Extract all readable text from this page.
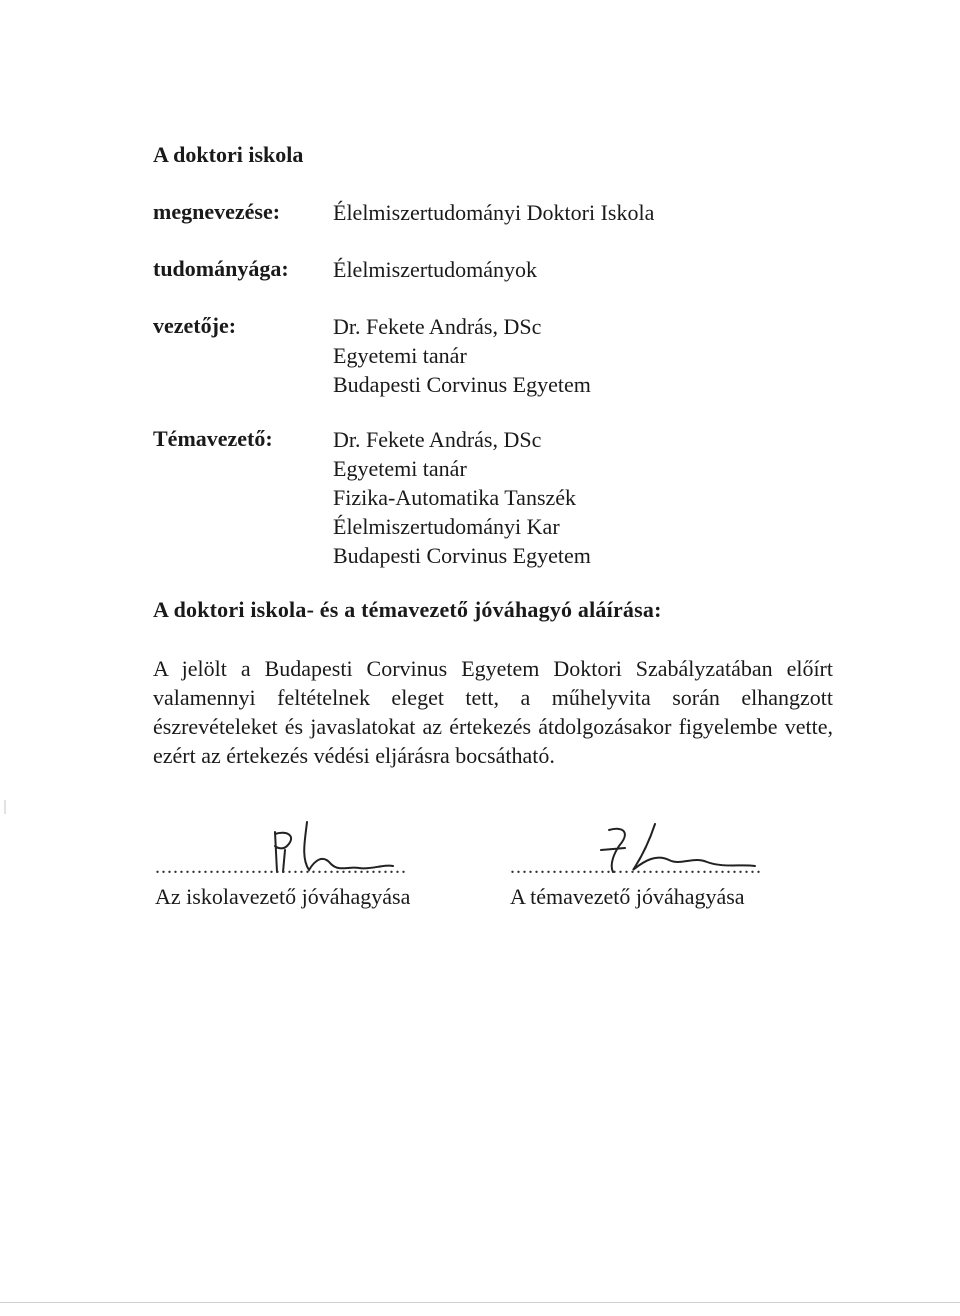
A doktori iskola
megnevezése: Élelmiszertudományi Doktori Iskola
tudományága: Élelmiszertudományok
vezetője:	Dr. Fekete András, DSc
Egyetemi tanár
Budapesti Corvinus Egyetem
Témavezető:	Dr. Fekete András, DSc
Egyetemi tanár
Fizika-Automatika Tanszék
Élelmiszertudományi Kar
Budapesti Corvinus Egyetem
A doktori iskola- és a témavezető jóváhagyó aláírása:
A jelölt a Budapesti Corvinus Egyetem Doktori Szabályzatában előírt valamennyi feltételnek eleget tett, a műhelyvita során elhangzott észrevételeket és javaslatokat az értekezés átdolgozásakor figyelembe vette, ezért az értekezés védési eljárásra bocsátható.
..........................................
Az iskolavezető jóváhagyása
..........................................
A témavezető jóváhagyása
